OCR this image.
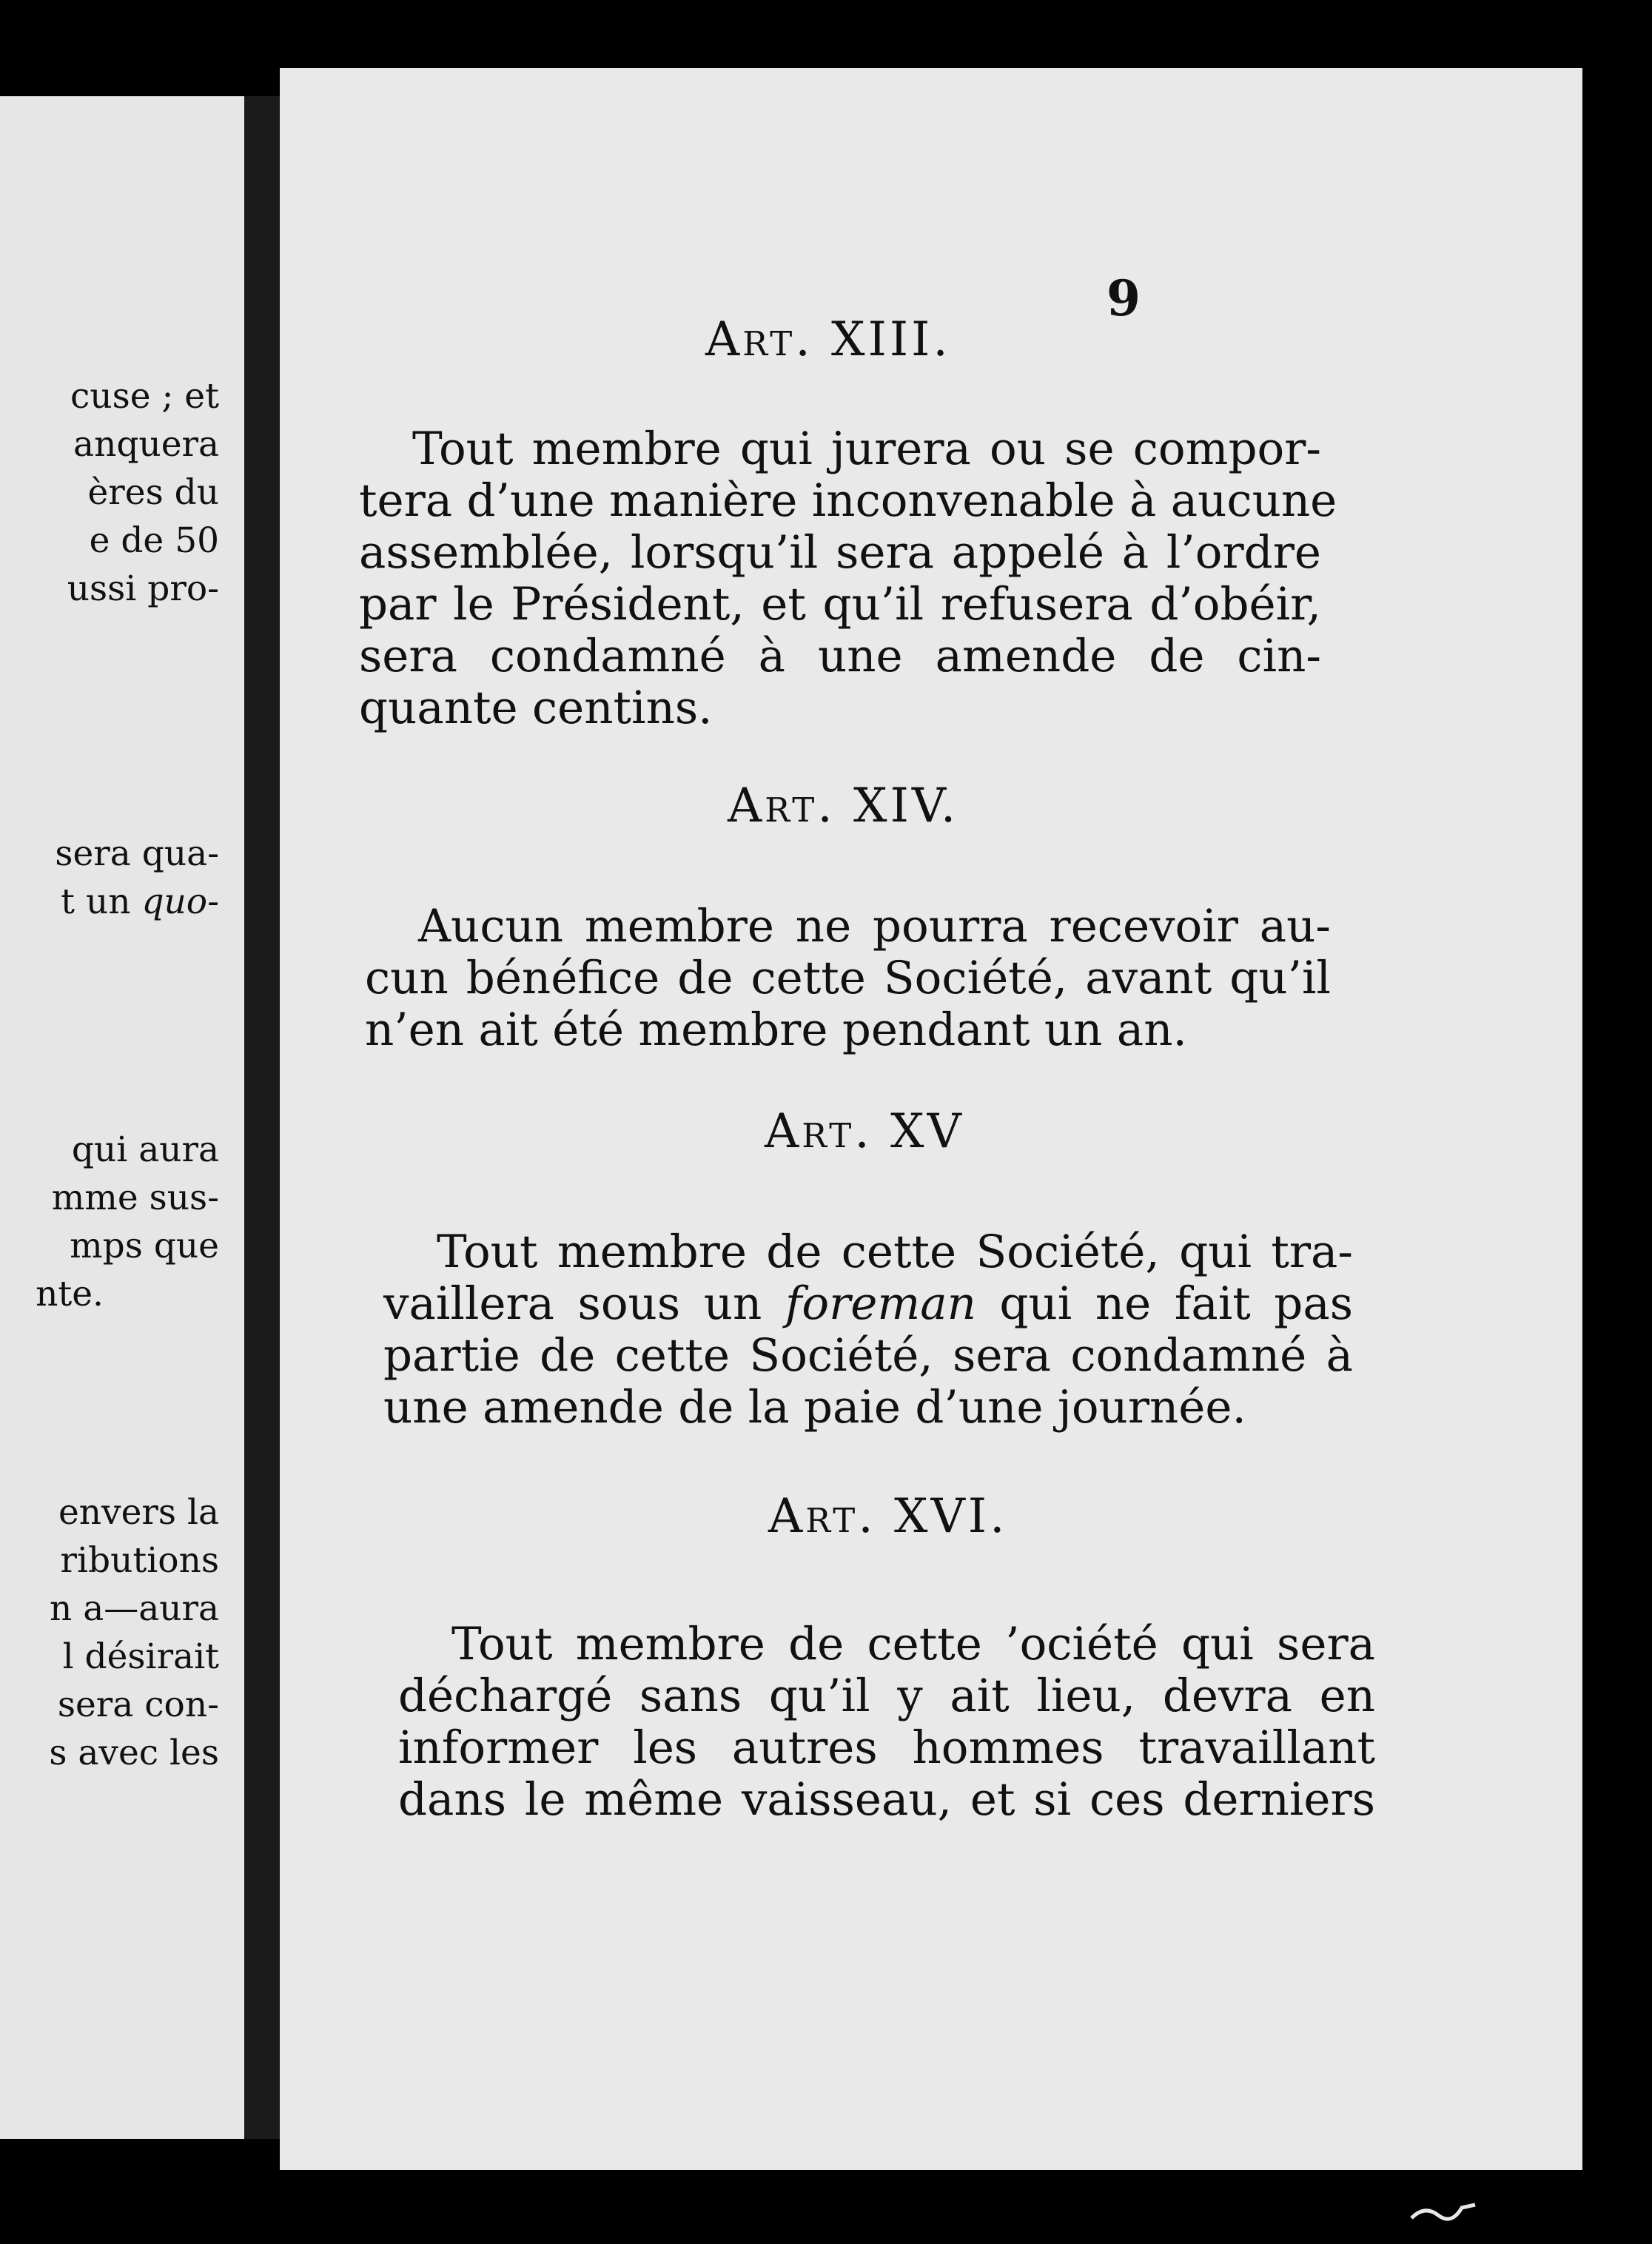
cuse ; et
anquera
ères du
e de 50
ussi pro-
sera qua-
t un quo-
qui aura
mme sus-
mps que
nte.
envers la
ributions
n a—aura
l désirait
sera con-
s avec les
9
Art. XIII.
Tout membre qui jurera ou se compor-
tera d’une manière inconvenable à aucune
assemblée, lorsqu’il sera appelé à l’ordre
par le Président, et qu’il refusera d’obéir,
sera condamné à une amende de cin-
quante centins.
Art. XIV.
Aucun membre ne pourra recevoir au-
cun bénéfice de cette Société, avant qu’il
n’en ait été membre pendant un an.
Art. XV
Tout membre de cette Société, qui tra-
vaillera sous un foreman qui ne fait pas
partie de cette Société, sera condamné à
une amende de la paie d’une journée.
Art. XVI.
Tout membre de cette ’ociété qui sera
déchargé sans qu’il y ait lieu, devra en
informer les autres hommes travaillant
dans le même vaisseau, et si ces derniers
